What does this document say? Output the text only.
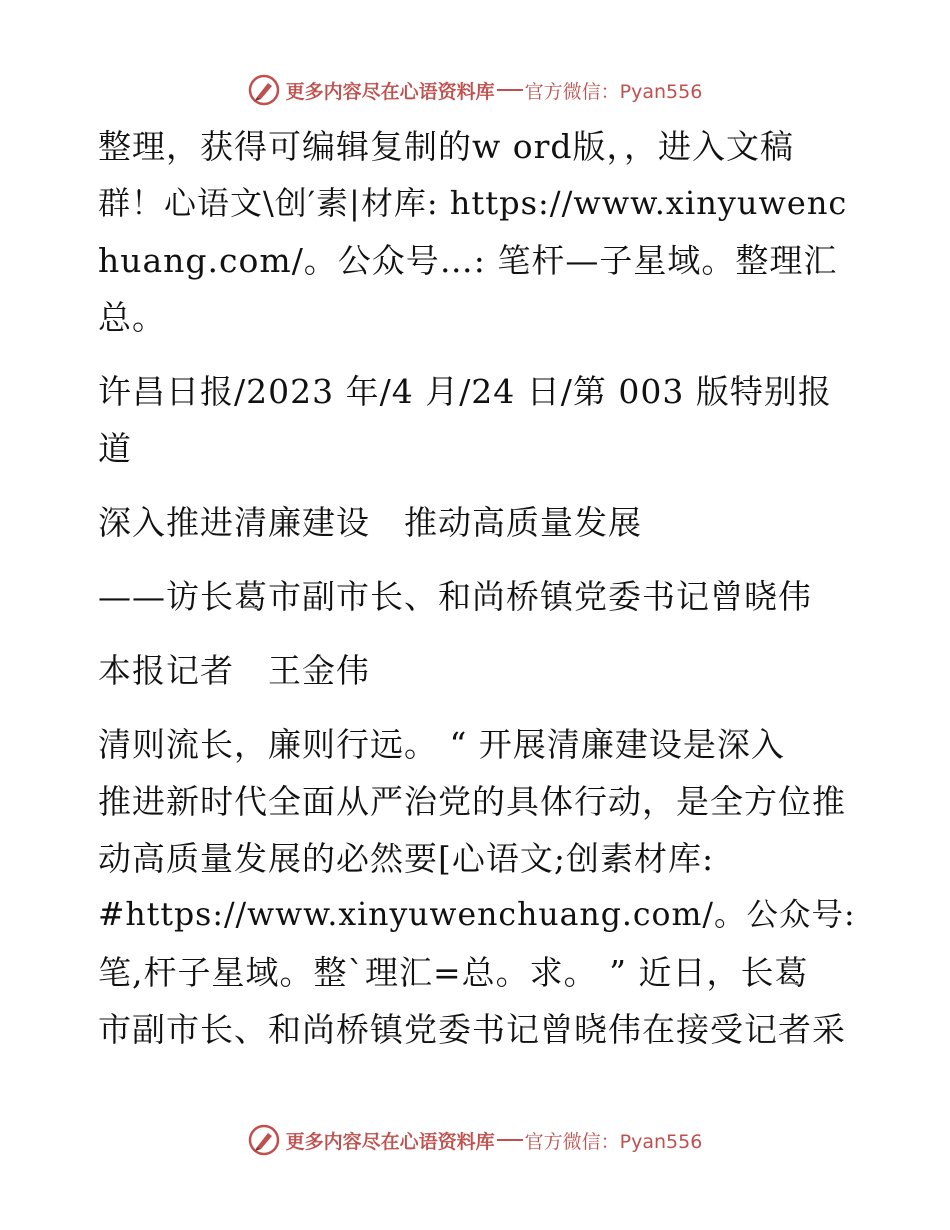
更多内容尽在心语资料库 官方微信：Pyan556

整理，获得可编辑复制的w ord版，，进入文稿
群！心语文\创′素|材库: https://www.xinyuwenc
huang.com/。公众号…: 笔杆—子星域。整理汇
总。

许昌日报/2023 年/4 月/24 日/第 003 版特别报
道

深入推进清廉建设　推动高质量发展

——访长葛市副市长、和尚桥镇党委书记曾晓伟

本报记者　王金伟

清则流长，廉则行远。 “ 开展清廉建设是深入
推进新时代全面从严治党的具体行动，是全方位推
动高质量发展的必然要[心语文;创素材库:
#https://www.xinyuwenchuang.com/。公众号:
笔,杆子星域。整`理汇=总。求。 ” 近日，长葛
市副市长、和尚桥镇党委书记曾晓伟在接受记者采

更多内容尽在心语资料库 官方微信：Pyan556
